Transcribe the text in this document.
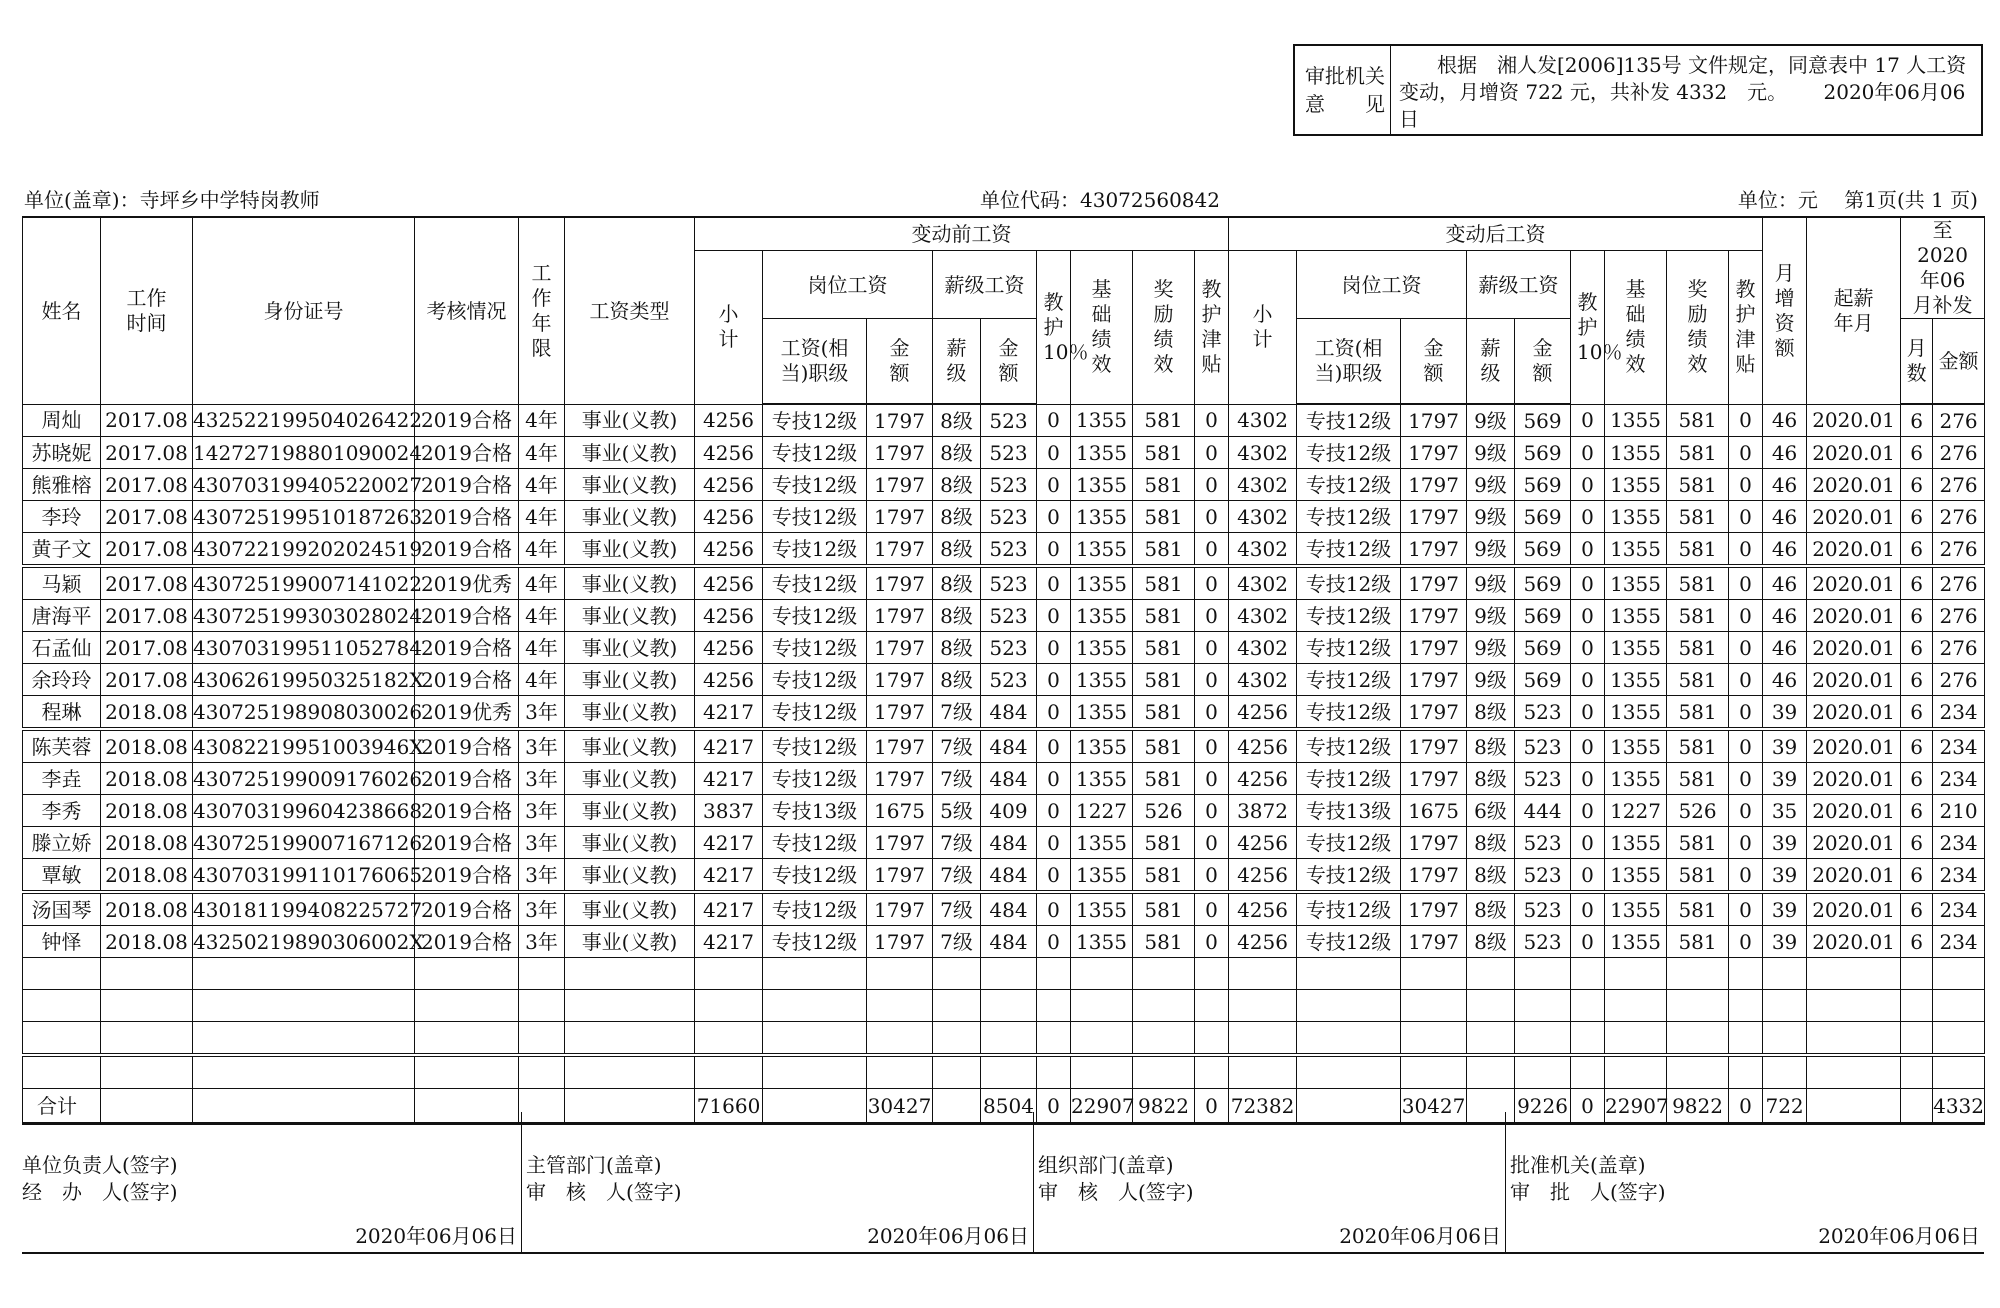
审批机关
意　　见
根据　湘人发[2006]135号 文件规定，同意表中 17 人工资变动，月增资 722 元，共补发 4332　元。　　 2020年06月06日
单位(盖章)：寺坪乡中学特岗教师	单位代码：43072560842	单位：元　 第1页(共 1 页)
姓名	工作时间	身份证号	考核情况	工作年限	工资类型	变动前工资									变动后工资									月增资额	起薪年月	至2020年06月补发	
						小计	岗位工资		薪级工资		教护10％	基础绩效	奖励绩效	教护津贴	小计	岗位工资		薪级工资		教护10％	基础绩效	奖励绩效	教护津贴				
							工资(相当)职级	金额	薪级	金额						工资(相当)职级	金额	薪级	金额							月数	金额
周灿	2017.08	432522199504026422	2019合格	4年	事业(义教)	4256	专技12级	1797	8级	523	0	1355	581	0	4302	专技12级	1797	9级	569	0	1355	581	0	46	2020.01	6	276
苏晓妮	2017.08	142727198801090024	2019合格	4年	事业(义教)	4256	专技12级	1797	8级	523	0	1355	581	0	4302	专技12级	1797	9级	569	0	1355	581	0	46	2020.01	6	276
熊雅榕	2017.08	430703199405220027	2019合格	4年	事业(义教)	4256	专技12级	1797	8级	523	0	1355	581	0	4302	专技12级	1797	9级	569	0	1355	581	0	46	2020.01	6	276
李玲	2017.08	430725199510187263	2019合格	4年	事业(义教)	4256	专技12级	1797	8级	523	0	1355	581	0	4302	专技12级	1797	9级	569	0	1355	581	0	46	2020.01	6	276
黄子文	2017.08	430722199202024519	2019合格	4年	事业(义教)	4256	专技12级	1797	8级	523	0	1355	581	0	4302	专技12级	1797	9级	569	0	1355	581	0	46	2020.01	6	276
马颖	2017.08	430725199007141022	2019优秀	4年	事业(义教)	4256	专技12级	1797	8级	523	0	1355	581	0	4302	专技12级	1797	9级	569	0	1355	581	0	46	2020.01	6	276
唐海平	2017.08	430725199303028024	2019合格	4年	事业(义教)	4256	专技12级	1797	8级	523	0	1355	581	0	4302	专技12级	1797	9级	569	0	1355	581	0	46	2020.01	6	276
石孟仙	2017.08	430703199511052784	2019合格	4年	事业(义教)	4256	专技12级	1797	8级	523	0	1355	581	0	4302	专技12级	1797	9级	569	0	1355	581	0	46	2020.01	6	276
余玲玲	2017.08	43062619950325182X	2019合格	4年	事业(义教)	4256	专技12级	1797	8级	523	0	1355	581	0	4302	专技12级	1797	9级	569	0	1355	581	0	46	2020.01	6	276
程琳	2018.08	430725198908030026	2019优秀	3年	事业(义教)	4217	专技12级	1797	7级	484	0	1355	581	0	4256	专技12级	1797	8级	523	0	1355	581	0	39	2020.01	6	234
陈芙蓉	2018.08	43082219951003946X	2019合格	3年	事业(义教)	4217	专技12级	1797	7级	484	0	1355	581	0	4256	专技12级	1797	8级	523	0	1355	581	0	39	2020.01	6	234
李垚	2018.08	430725199009176026	2019合格	3年	事业(义教)	4217	专技12级	1797	7级	484	0	1355	581	0	4256	专技12级	1797	8级	523	0	1355	581	0	39	2020.01	6	234
李秀	2018.08	430703199604238668	2019合格	3年	事业(义教)	3837	专技13级	1675	5级	409	0	1227	526	0	3872	专技13级	1675	6级	444	0	1227	526	0	35	2020.01	6	210
滕立娇	2018.08	430725199007167126	2019合格	3年	事业(义教)	4217	专技12级	1797	7级	484	0	1355	581	0	4256	专技12级	1797	8级	523	0	1355	581	0	39	2020.01	6	234
覃敏	2018.08	430703199110176065	2019合格	3年	事业(义教)	4217	专技12级	1797	7级	484	0	1355	581	0	4256	专技12级	1797	8级	523	0	1355	581	0	39	2020.01	6	234
汤国琴	2018.08	430181199408225727	2019合格	3年	事业(义教)	4217	专技12级	1797	7级	484	0	1355	581	0	4256	专技12级	1797	8级	523	0	1355	581	0	39	2020.01	6	234
钟怿	2018.08	43250219890306002X	2019合格	3年	事业(义教)	4217	专技12级	1797	7级	484	0	1355	581	0	4256	专技12级	1797	8级	523	0	1355	581	0	39	2020.01	6	234

合计						71660		30427		8504	0	22907	9822	0	72382		30427		9226	0	22907	9822	0	722			4332
单位负责人(签字)
经　办　人(签字)
2020年06月06日
主管部门(盖章)
审　核　人(签字)
2020年06月06日
组织部门(盖章)
审　核　人(签字)
2020年06月06日
批准机关(盖章)
审　批　人(签字)
2020年06月06日
